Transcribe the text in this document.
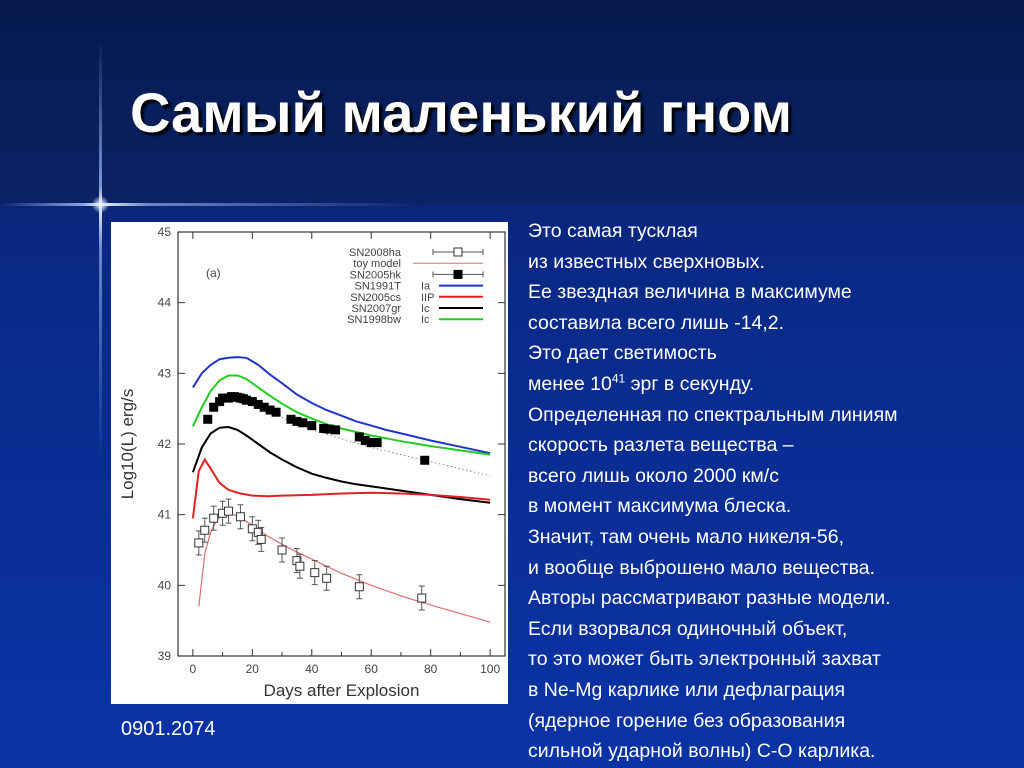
Самый маленький гном
39
40
41
42
43
44
45
0	20	40	60	80	100
Days after Explosion
Log10(L) erg/s
(a)
SN2008ha
toy model
SN2005hk
SN1991T Ia
SN2005cs IIP
SN2007gr Ic
SN1998bw Ic
Это самая тусклая
из известных сверхновых.
Ее звездная величина в максимуме
составила всего лишь -14,2.
Это дает светимость
менее $10^{41}$ эрг в секунду.
Определенная по спектральным линиям
скорость разлета вещества –
всего лишь около 2000 км/с
в момент максимума блеска.
Значит, там очень мало никеля-56,
и вообще выброшено мало вещества.
Авторы рассматривают разные модели.
Если взорвался одиночный объект,
то это может быть электронный захват
в Ne-Mg карлике или дефлаграция
(ядерное горение без образования
сильной ударной волны) С-О карлика.
0901.2074
